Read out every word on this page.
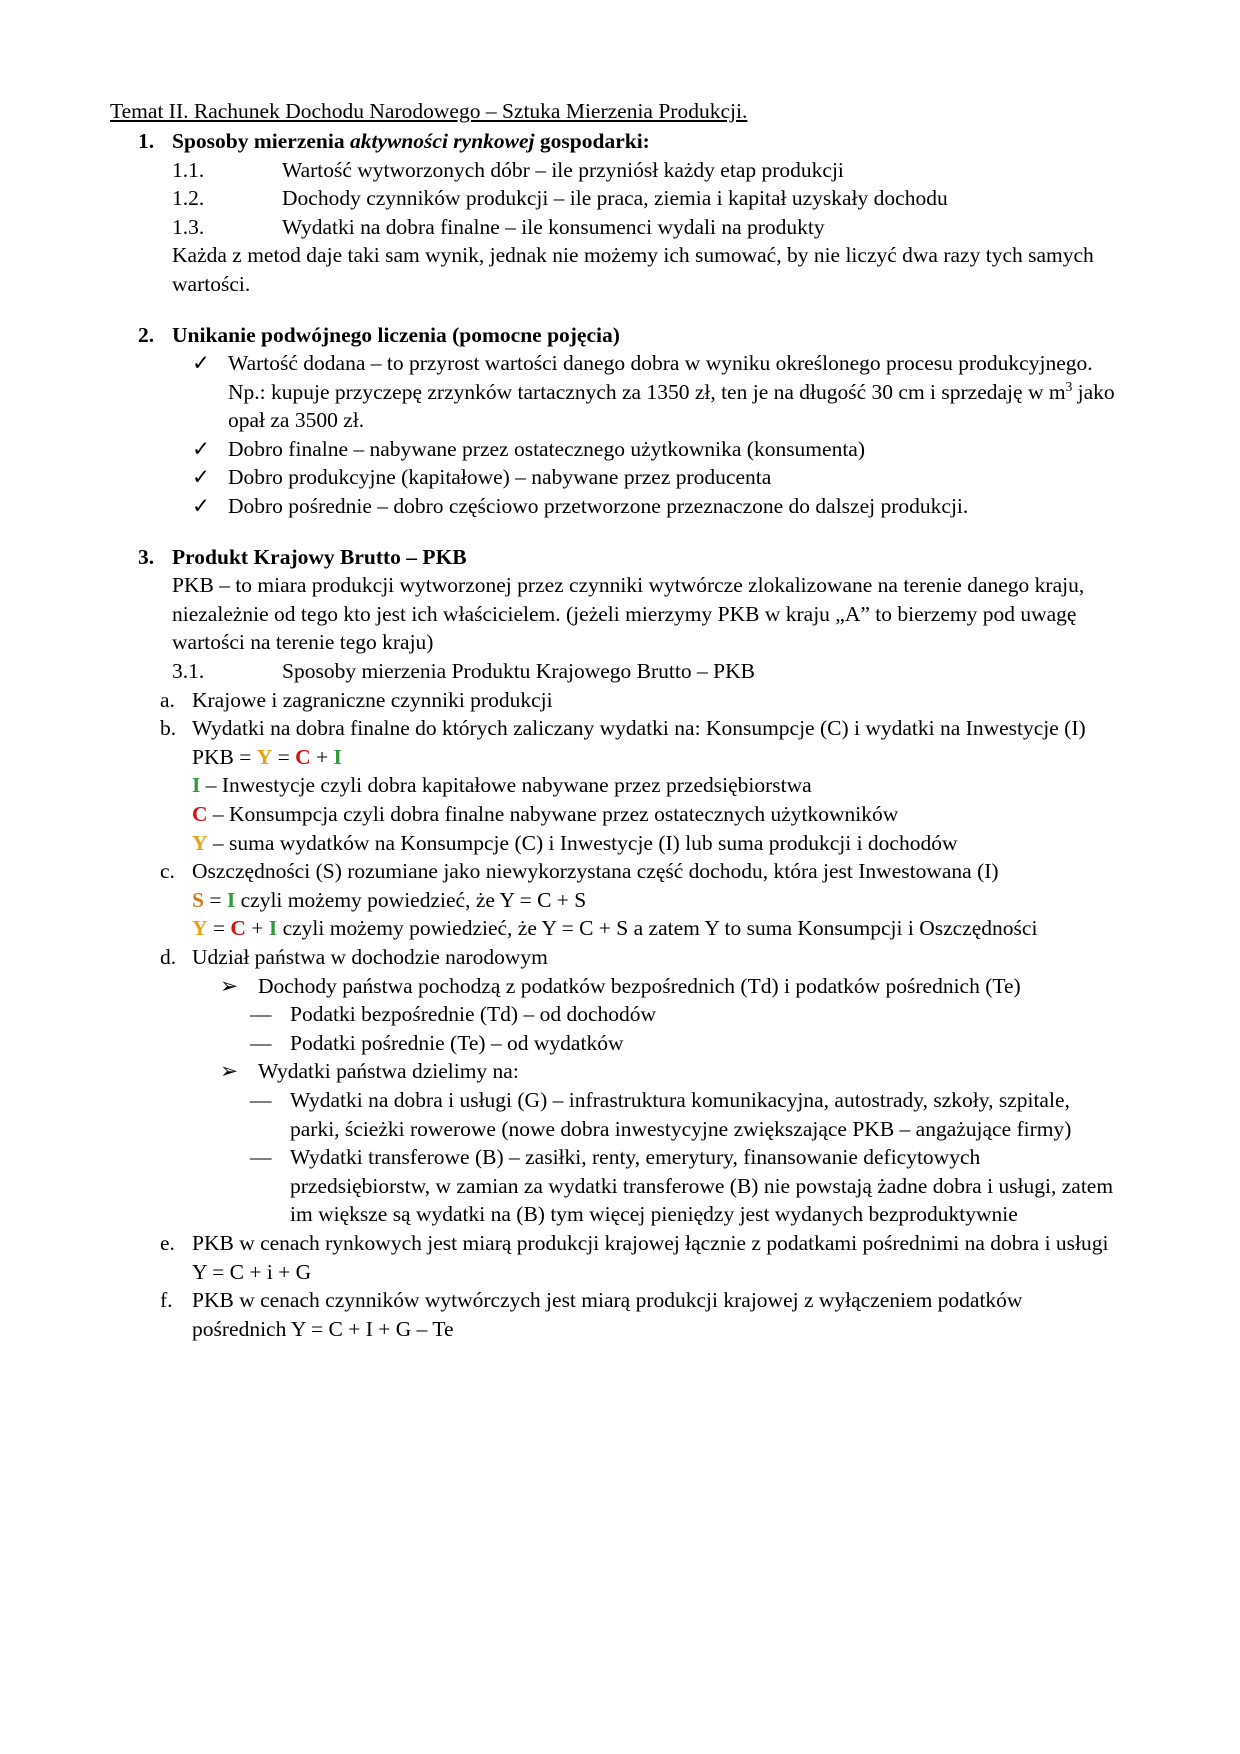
Temat II. Rachunek Dochodu Narodowego – Sztuka Mierzenia Produkcji.
1. Sposoby mierzenia aktywności rynkowej gospodarki:
1.1.	Wartość wytworzonych dóbr – ile przyniósł każdy etap produkcji
1.2.	Dochody czynników produkcji – ile praca, ziemia i kapitał uzyskały dochodu
1.3.	Wydatki na dobra finalne – ile konsumenci wydali na produkty
Każda z metod daje taki sam wynik, jednak nie możemy ich sumować, by nie liczyć dwa razy tych samych wartości.
2. Unikanie podwójnego liczenia (pomocne pojęcia)
✓ Wartość dodana – to przyrost wartości danego dobra w wyniku określonego procesu produkcyjnego. Np.: kupuje przyczepę zrzynków tartacznych za 1350 zł, ten je na długość 30 cm i sprzedaję w $m^3$ jako opał za 3500 zł.
✓ Dobro finalne – nabywane przez ostatecznego użytkownika (konsumenta)
✓ Dobro produkcyjne (kapitałowe) – nabywane przez producenta
✓ Dobro pośrednie – dobro częściowo przetworzone przeznaczone do dalszej produkcji.
3. Produkt Krajowy Brutto – PKB
PKB – to miara produkcji wytworzonej przez czynniki wytwórcze zlokalizowane na terenie danego kraju, niezależnie od tego kto jest ich właścicielem. (jeżeli mierzymy PKB w kraju „A” to bierzemy pod uwagę wartości na terenie tego kraju)
3.1.	Sposoby mierzenia Produktu Krajowego Brutto – PKB
a. Krajowe i zagraniczne czynniki produkcji
b. Wydatki na dobra finalne do których zaliczany wydatki na: Konsumpcje (C) i wydatki na Inwestycje (I)
PKB = Y = C + I
I – Inwestycje czyli dobra kapitałowe nabywane przez przedsiębiorstwa
C – Konsumpcja czyli dobra finalne nabywane przez ostatecznych użytkowników
Y – suma wydatków na Konsumpcje (C) i Inwestycje (I) lub suma produkcji i dochodów
c. Oszczędności (S) rozumiane jako niewykorzystana część dochodu, która jest Inwestowana (I)
S = I czyli możemy powiedzieć, że Y = C + S
Y = C + I czyli możemy powiedzieć, że Y = C + S a zatem Y to suma Konsumpcji i Oszczędności
d. Udział państwa w dochodzie narodowym
➢ Dochody państwa pochodzą z podatków bezpośrednich (Td) i podatków pośrednich (Te)
— Podatki bezpośrednie (Td) – od dochodów
— Podatki pośrednie (Te) – od wydatków
➢ Wydatki państwa dzielimy na:
— Wydatki na dobra i usługi (G) – infrastruktura komunikacyjna, autostrady, szkoły, szpitale, parki, ścieżki rowerowe (nowe dobra inwestycyjne zwiększające PKB – angażujące firmy)
— Wydatki transferowe (B) – zasiłki, renty, emerytury, finansowanie deficytowych przedsiębiorstw, w zamian za wydatki transferowe (B) nie powstają żadne dobra i usługi, zatem im większe są wydatki na (B) tym więcej pieniędzy jest wydanych bezproduktywnie
e. PKB w cenach rynkowych jest miarą produkcji krajowej łącznie z podatkami pośrednimi na dobra i usługi Y = C + i + G
f. PKB w cenach czynników wytwórczych jest miarą produkcji krajowej z wyłączeniem podatków pośrednich Y = C + I + G – Te
